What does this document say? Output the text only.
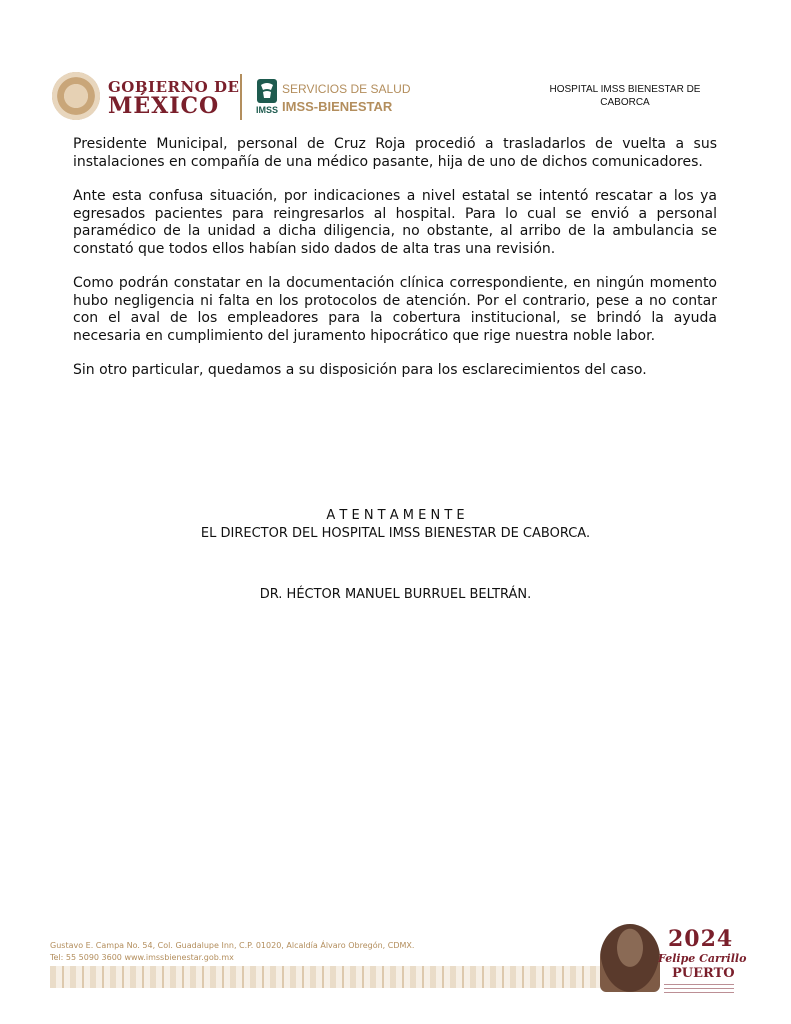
GOBIERNO DE
MÉXICO	IMSS
SERVICIOS DE SALUD
IMSS-BIENESTAR
HOSPITAL IMSS BIENESTAR DE
CABORCA

Presidente Municipal, personal de Cruz Roja procedió a trasladarlos de vuelta a sus instalaciones en compañía de una médico pasante, hija de uno de dichos comunicadores.

Ante esta confusa situación, por indicaciones a nivel estatal se intentó rescatar a los ya egresados pacientes para reingresarlos al hospital. Para lo cual se envió a personal paramédico de la unidad a dicha diligencia, no obstante, al arribo de la ambulancia se constató que todos ellos habían sido dados de alta tras una revisión.

Como podrán constatar en la documentación clínica correspondiente, en ningún momento hubo negligencia ni falta en los protocolos de atención. Por el contrario, pese a no contar con el aval de los empleadores para la cobertura institucional, se brindó la ayuda necesaria en cumplimiento del juramento hipocrático que rige nuestra noble labor.

Sin otro particular, quedamos a su disposición para los esclarecimientos del caso.

A T E N T A M E N T E
EL DIRECTOR DEL HOSPITAL IMSS BIENESTAR DE CABORCA.
DR. HÉCTOR MANUEL BURRUEL BELTRÁN.
Gustavo E. Campa No. 54, Col. Guadalupe Inn, C.P. 01020, Alcaldía Álvaro Obregón, CDMX.
Tel: 55 5090 3600 www.imssbienestar.gob.mx
2024
Felipe Carrillo
PUERTO
